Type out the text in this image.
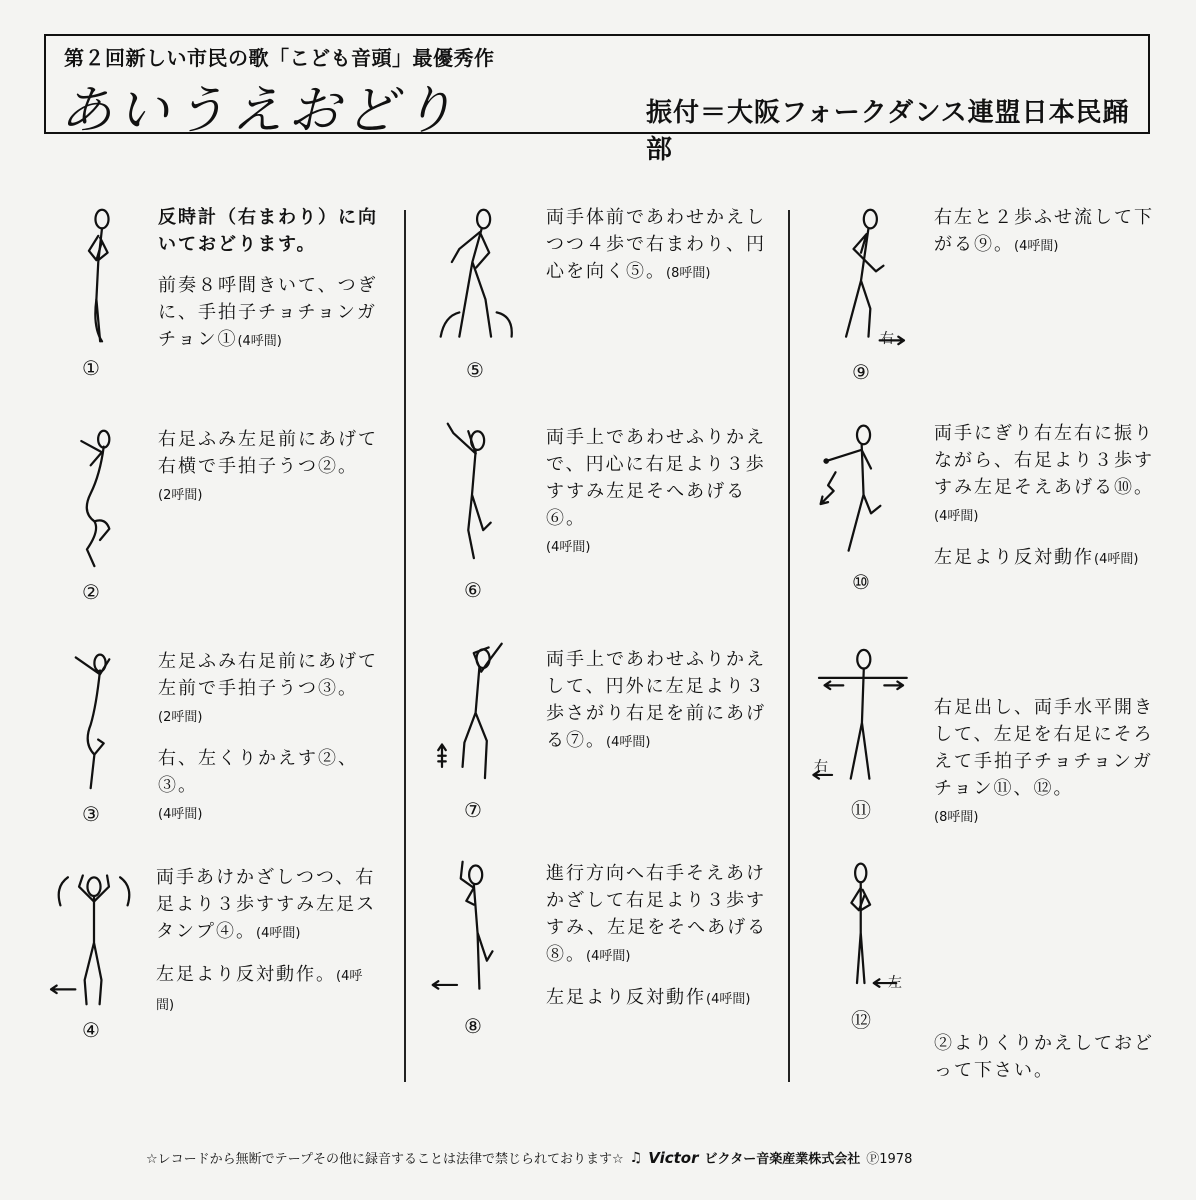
第２回新しい市民の歌「こども音頭」最優秀作
あいうえおどり	振付＝大阪フォークダンス連盟日本民踊部
①

反時計（右まわり）に向いておどります。

前奏８呼間きいて、つぎに、手拍子チョチョンガチョン①(4呼間)

②

右足ふみ左足前にあげて右横で手拍子うつ②。
(2呼間)

③

左足ふみ右足前にあげて左前で手拍子うつ③。
(2呼間)

右、左くりかえす②、③。
(4呼間)

④

両手あけかざしつつ、右足より３歩すすみ左足スタンプ④。(4呼間)

左足より反対動作。(4呼間)

⑤

両手体前であわせかえしつつ４歩で右まわり、円心を向く⑤。(8呼間)

⑥

両手上であわせふりかえで、円心に右足より３歩すすみ左足そへあげる⑥。
(4呼間)

⑦

両手上であわせふりかえして、円外に左足より３歩さがり右足を前にあげる⑦。(4呼間)

⑧

進行方向へ右手そえあけかざして右足より３歩すすみ、左足をそへあげる⑧。(4呼間)

左足より反対動作(4呼間)

右
⑨

右左と２歩ふせ流して下がる⑨。(4呼間)

⑩

両手にぎり右左右に振りながら、右足より３歩すすみ左足そえあげる⑩。
(4呼間)

左足より反対動作(4呼間)

右
⑪

右足出し、両手水平開きして、左足を右足にそろえて手拍子チョチョンガチョン⑪、⑫。
(8呼間)

左
⑫
②よりくりかえしておどって下さい。
☆レコードから無断でテープその他に録音することは法律で禁じられております☆ ♫ Victor ビクター音楽産業株式会社 Ⓟ1978
